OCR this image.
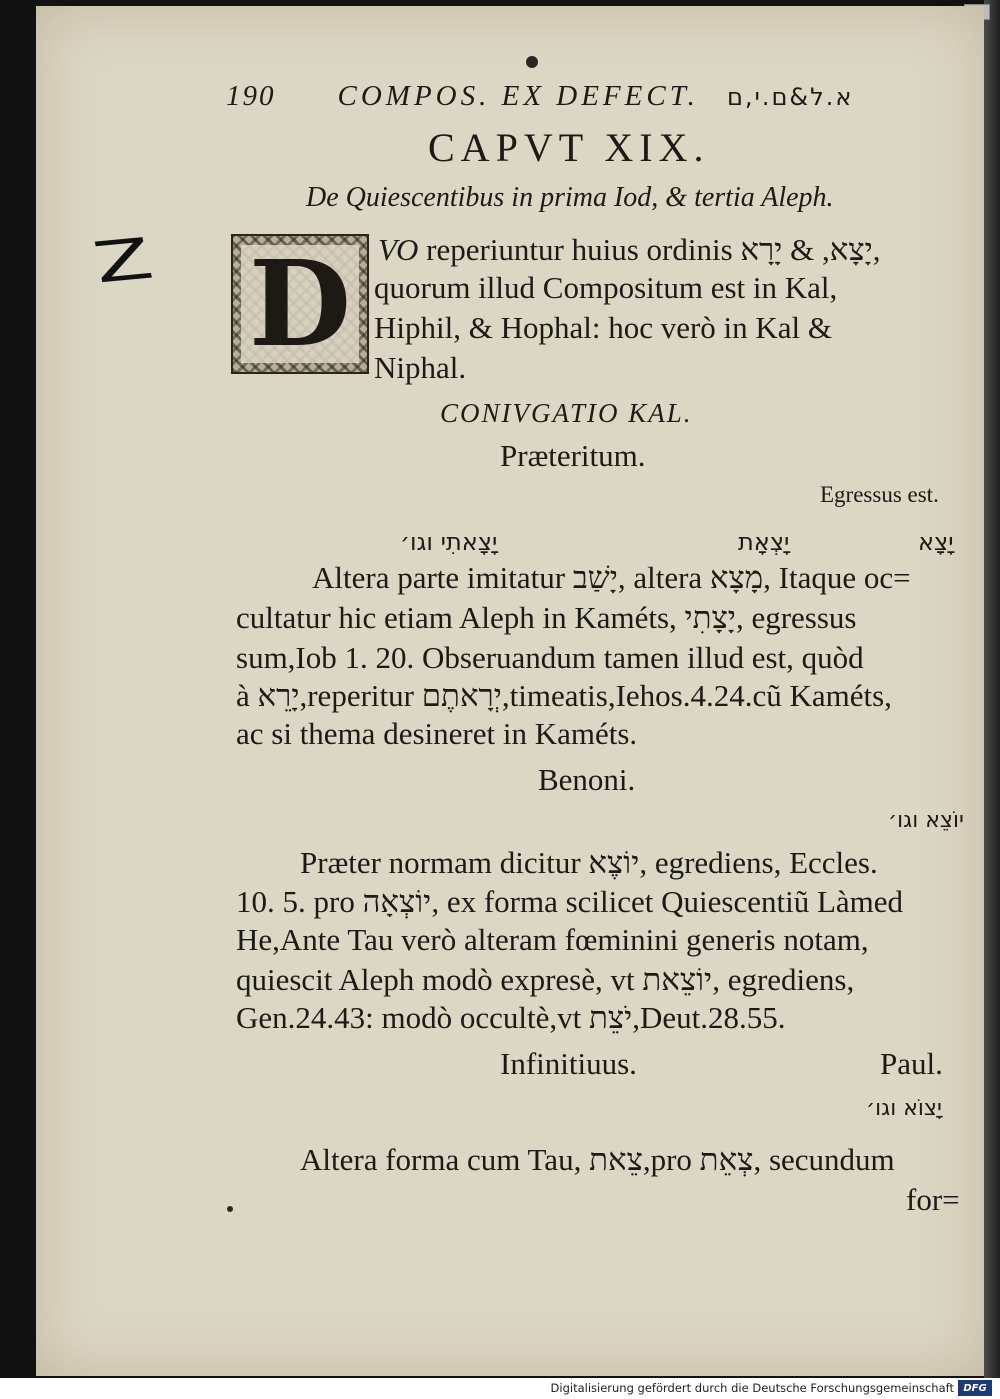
190 COMPOS. EX DEFECT. א.ל&ם.י,ם
CAPVT XIX.
De Quiescentibus in prima Iod, & tertia Aleph.
Z D VO reperiuntur huius ordinis יָצָא, & יָרָא,
quorum illud Compositum est in Kal,
Hiphil, & Hophal: hoc verò in Kal &
Niphal.
CONIVGATIO KAL.
Præteritum.
Egressus est.
יָצָא
יָצְאָת
יָצָאתִי וגו׳
Altera parte imitatur יָשַׁב, altera מָצָא, Itaque oc=
cultatur hic etiam Aleph in Kaméts, יָצָתִי, egressus
sum,Iob 1. 20. Obseruandum tamen illud est, quòd
à יָרֵא,reperitur יְרָאתֶם,timeatis,Iehos.4.24.cũ Kaméts,
ac si thema desineret in Kaméts.
Benoni.
יוֹצֵא וגו׳
Præter normam dicitur יוֹצֶא, egrediens, Eccles.
10. 5. pro יוֹצְאָה, ex forma scilicet Quiescentiũ Làmed
He,Ante Tau verò alteram fœminini generis notam,
quiescit Aleph modò expresè, vt יוֹצֵאת, egrediens,
Gen.24.43: modò occultè,vt יֹצֵת,Deut.28.55.
Infinitiuus.	Paul.
יָצוֹא וגו׳
Altera forma cum Tau, צֵאת,pro צְאֵת, secundum
for=
Digitalisierung gefördert durch die Deutsche Forschungsgemeinschaft DFG
